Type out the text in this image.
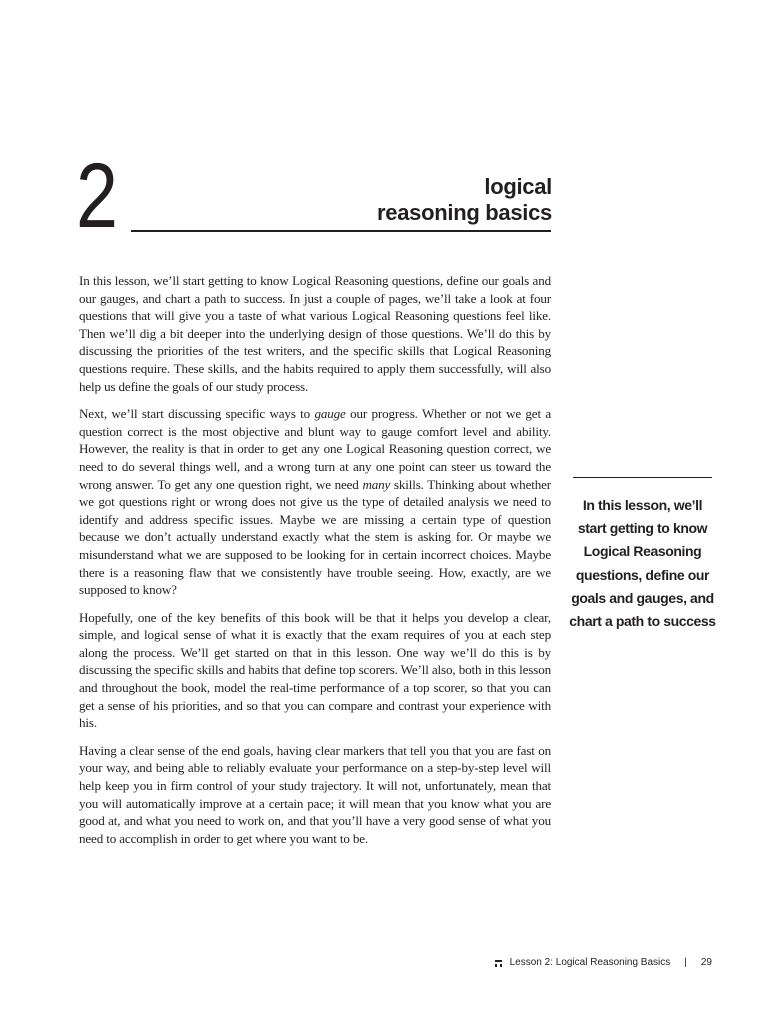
2	logical
reasoning basics

In this lesson, we’ll start getting to know Logical Reasoning questions, define our goals and our gauges, and chart a path to success. In just a couple of pages, we’ll take a look at four questions that will give you a taste of what various Logical Reasoning questions feel like. Then we’ll dig a bit deeper into the underlying design of those questions. We’ll do this by discussing the priorities of the test writers, and the specific skills that Logical Reasoning questions require. These skills, and the habits required to apply them successfully, will also help us define the goals of our study process.

Next, we’ll start discussing specific ways to gauge our progress. Whether or not we get a question correct is the most objective and blunt way to gauge comfort level and ability. However, the reality is that in order to get any one Logical Reasoning question correct, we need to do several things well, and a wrong turn at any one point can steer us toward the wrong answer. To get any one question right, we need many skills. Thinking about whether we got questions right or wrong does not give us the type of detailed analysis we need to identify and address specific issues. Maybe we are missing a certain type of question because we don’t actually understand exactly what the stem is asking for. Or maybe we misunderstand what we are supposed to be looking for in certain incorrect choices. Maybe there is a reasoning flaw that we consistently have trouble seeing. How, exactly, are we supposed to know?

Hopefully, one of the key benefits of this book will be that it helps you develop a clear, simple, and logical sense of what it is exactly that the exam requires of you at each step along the process. We’ll get started on that in this lesson. One way we’ll do this is by discussing the specific skills and habits that define top scorers. We’ll also, both in this lesson and throughout the book, model the real-time performance of a top scorer, so that you can get a sense of his priorities, and so that you can compare and contrast your experience with his.

Having a clear sense of the end goals, having clear markers that tell you that you are fast on your way, and being able to reliably evaluate your performance on a step-by-step level will help keep you in firm control of your study trajectory. It will not, unfortunately, mean that you will automatically improve at a certain pace; it will mean that you know what you are good at, and what you need to work on, and that you’ll have a very good sense of what you need to accomplish in order to get where you want to be.

In this lesson, we’ll start getting to know Logical Reasoning questions, define our goals and gauges, and chart a path to success
Lesson 2: Logical Reasoning Basics | 29
